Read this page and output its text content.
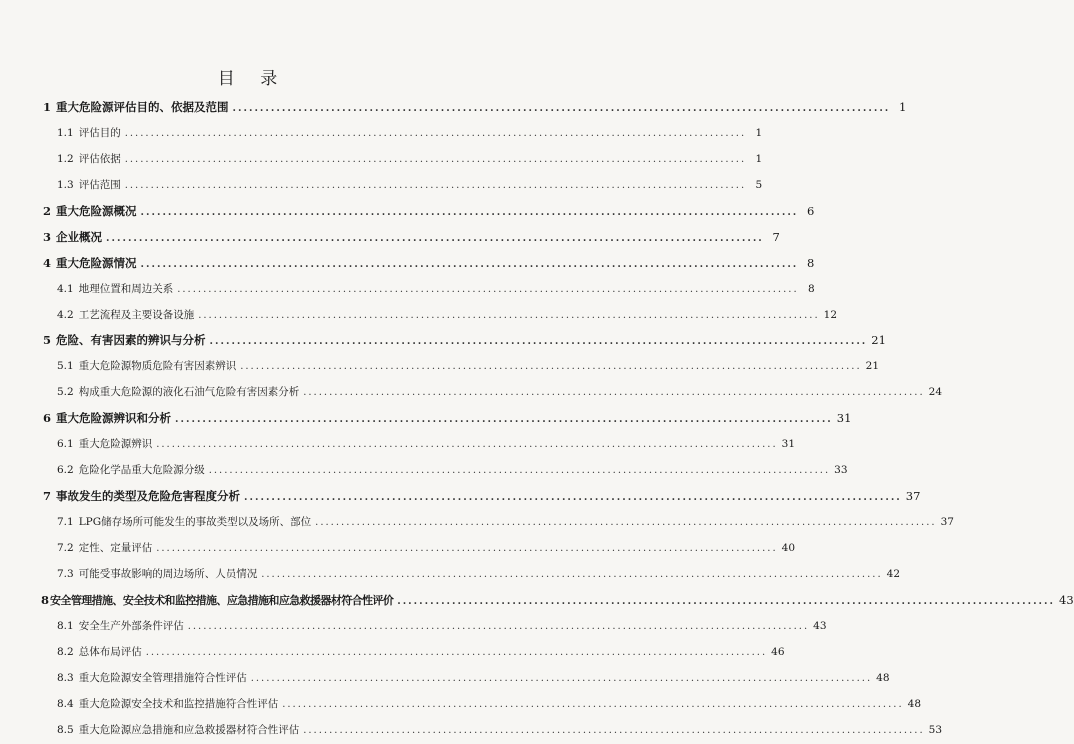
目 录
1 重大危险源评估目的、依据及范围 ........................................................................................................................ 1
1.1 评估目的 ........................................................................................................................ 1
1.2 评估依据 ........................................................................................................................ 1
1.3 评估范围 ........................................................................................................................ 5
2 重大危险源概况 ........................................................................................................................ 6
3 企业概况 ........................................................................................................................ 7
4 重大危险源情况 ........................................................................................................................ 8
4.1 地理位置和周边关系 ........................................................................................................................ 8
4.2 工艺流程及主要设备设施 ........................................................................................................................ 12
5 危险、有害因素的辨识与分析 ........................................................................................................................ 21
5.1 重大危险源物质危险有害因素辨识 ........................................................................................................................ 21
5.2 构成重大危险源的液化石油气危险有害因素分析 ........................................................................................................................ 24
6 重大危险源辨识和分析 ........................................................................................................................ 31
6.1 重大危险源辨识 ........................................................................................................................ 31
6.2 危险化学品重大危险源分级 ........................................................................................................................ 33
7 事故发生的类型及危险危害程度分析 ........................................................................................................................ 37
7.1 LPG储存场所可能发生的事故类型以及场所、部位 ........................................................................................................................ 37
7.2 定性、定量评估 ........................................................................................................................ 40
7.3 可能受事故影响的周边场所、人员情况 ........................................................................................................................ 42
8 安全管理措施、安全技术和监控措施、应急措施和应急救援器材符合性评价 ........................................................................................................................ 43
8.1 安全生产外部条件评估 ........................................................................................................................ 43
8.2 总体布局评估 ........................................................................................................................ 46
8.3 重大危险源安全管理措施符合性评估 ........................................................................................................................ 48
8.4 重大危险源安全技术和监控措施符合性评估 ........................................................................................................................ 48
8.5 重大危险源应急措施和应急救援器材符合性评估 ........................................................................................................................ 53
